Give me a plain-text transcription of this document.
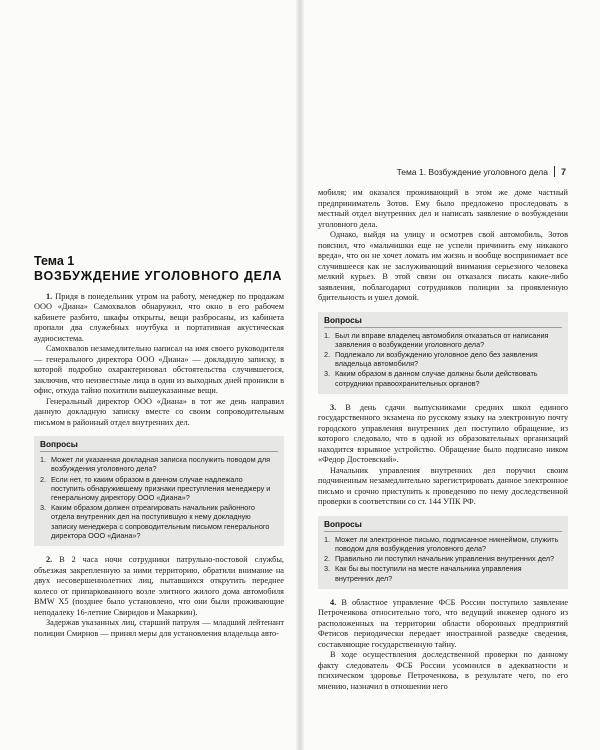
Тема 1
ВОЗБУЖДЕНИЕ УГОЛОВНОГО ДЕЛА

1. Придя в понедельник утром на работу, менеджер по продажам ООО «Диана» Самохвалов обнаружил, что окно в его рабочем кабинете разбито, шкафы открыты, вещи разбросаны, из кабинета пропали два служебных ноутбука и портативная акустическая аудиосистема.

Самохвалов незамедлительно написал на имя своего руководителя — генерального директора ООО «Диана» — докладную записку, в которой подробно охарактеризовал обстоятельства случившегося, заключив, что неизвестные лица в один из выходных дней проникли в офис, откуда тайно похитили вышеуказанные вещи.

Генеральный директор ООО «Диана» в тот же день направил данную докладную записку вместе со своим сопроводительным письмом в районный отдел внутренних дел.

Вопросы
1. Может ли указанная докладная записка послужить поводом для возбуждения уголовного дела?
2. Если нет, то каким образом в данном случае надлежало поступить обнаружившему признаки преступления менеджеру и генеральному директору ООО «Диана»?
3. Каким образом должен отреагировать начальник районного отдела внутренних дел на поступившую к нему докладную записку менеджера с сопроводительным письмом генерального директора ООО «Диана»?

2. В 2 часа ночи сотрудники патрульно-постовой службы, объезжая закрепленную за ними территорию, обратили внимание на двух несовершеннолетних лиц, пытавшихся открутить переднее колесо от припаркованного возле элитного жилого дома автомобиля BMW X5 (позднее было установлено, что они были проживающие неподалеку 16-летние Свиридов и Макаркин).

Задержав указанных лиц, старший патруля — младший лейтенант полиции Смирнов — принял меры для установления владельца авто-

Тема 1. Возбуждение уголовного дела 7

мобиля; им оказался проживающий в этом же доме частный предприниматель Зотов. Ему было предложено проследовать в местный отдел внутренних дел и написать заявление о возбуждении уголовного дела.

Однако, выйдя на улицу и осмотрев свой автомобиль, Зотов пояснил, что «мальчишки еще не успели причинить ему никакого вреда», что он не хочет ломать им жизнь и вообще воспринимает все случившееся как не заслуживающий внимания серьезного человека мелкий курьез. В этой связи он отказался писать какие-либо заявления, поблагодарил сотрудников полиции за проявленную бдительность и ушел домой.

Вопросы
1. Был ли вправе владелец автомобиля отказаться от написания заявления о возбуждении уголовного дела?
2. Подлежало ли возбуждению уголовное дело без заявления владельца автомобиля?
3. Каким образом в данном случае должны были действовать сотрудники правоохранительных органов?

3. В день сдачи выпускниками средних школ единого государственного экзамена по русскому языку на электронную почту городского управления внутренних дел поступило обращение, из которого следовало, что в одной из образовательных организаций находится взрывное устройство. Обращение было подписано ником «Федор Достоевский».

Начальник управления внутренних дел поручил своим подчиненным незамедлительно зарегистрировать данное электронное письмо и срочно приступить к проведению по нему доследственной проверки в соответствии со ст. 144 УПК РФ.

Вопросы
1. Может ли электронное письмо, подписанное никнеймом, служить поводом для возбуждения уголовного дела?
2. Правильно ли поступил начальник управления внутренних дел?
3. Как бы вы поступили на месте начальника управления внутренних дел?

4. В областное управление ФСБ России поступило заявление Петроченкова относительно того, что ведущий инженер одного из расположенных на территории области оборонных предприятий Фетисов периодически передает иностранной разведке сведения, составляющие государственную тайну.

В ходе осуществления доследственной проверки по данному факту следователь ФСБ России усомнился в адекватности и психическом здоровье Петроченкова, в результате чего, по его мнению, назначил в отношении него
